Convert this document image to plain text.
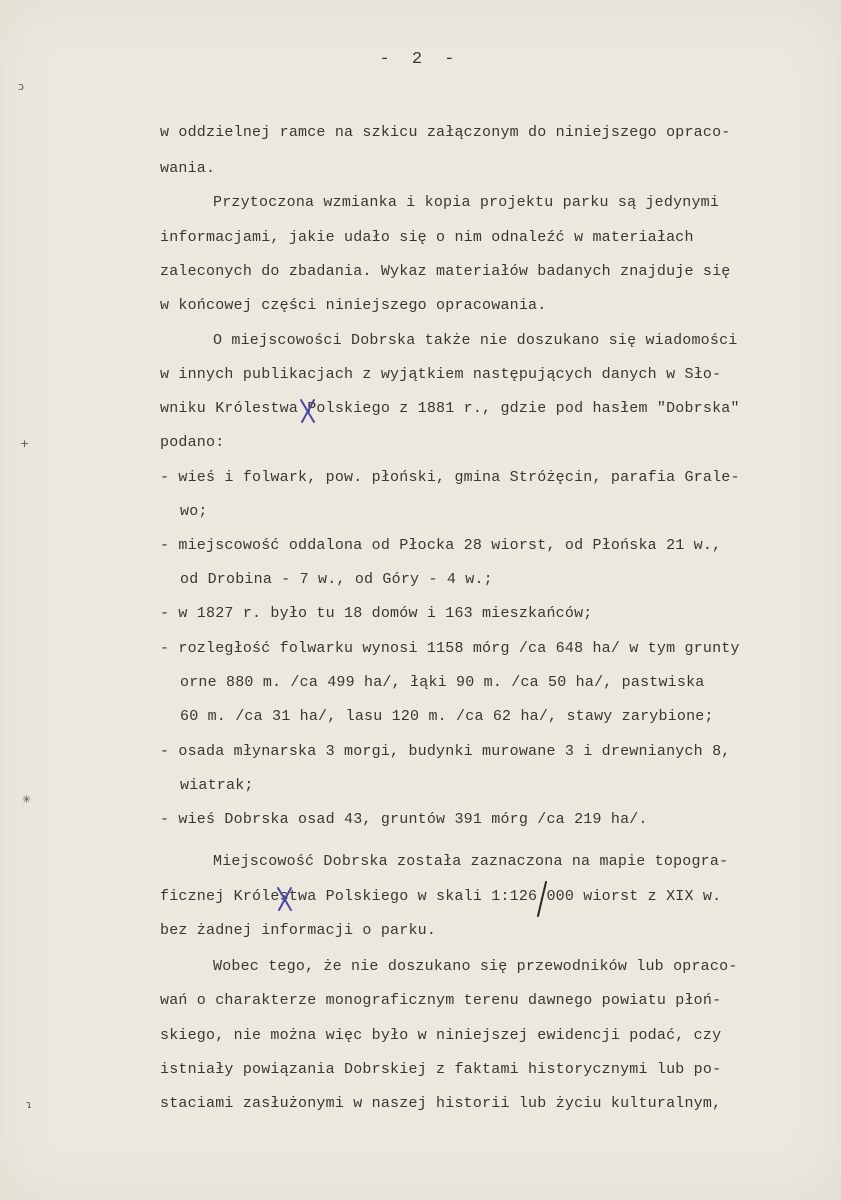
- 2 -
ↄ
+
✳
ɿ
w oddzielnej ramce na szkicu załączonym do niniejszego opraco-
wania.
Przytoczona wzmianka i kopia projektu parku są jedynymi
informacjami, jakie udało się o nim odnaleźć w materiałach
zaleconych do zbadania. Wykaz materiałów badanych znajduje się
w końcowej części niniejszego opracowania.
O miejscowości Dobrska także nie doszukano się wiadomości
w innych publikacjach z wyjątkiem następujących danych w Sło-
wniku Królestwa Polskiego z 1881 r., gdzie pod hasłem "Dobrska"
podano:
- wieś i folwark, pow. płoński, gmina Stróżęcin, parafia Grale-
wo;
- miejscowość oddalona od Płocka 28 wiorst, od Płońska 21 w.,
od Drobina - 7 w., od Góry - 4 w.;
- w 1827 r. było tu 18 domów i 163 mieszkańców;
- rozległość folwarku wynosi 1158 mórg /ca 648 ha/ w tym grunty
orne 880 m. /ca 499 ha/, łąki 90 m. /ca 50 ha/, pastwiska
60 m. /ca 31 ha/, lasu 120 m. /ca 62 ha/, stawy zarybione;
- osada młynarska 3 morgi, budynki murowane 3 i drewnianych 8,
wiatrak;
- wieś Dobrska osad 43, gruntów 391 mórg /ca 219 ha/.
Miejscowość Dobrska została zaznaczona na mapie topogra-
ficznej Królestwa Polskiego w skali 1:126.000 wiorst z XIX w.
bez żadnej informacji o parku.
Wobec tego, że nie doszukano się przewodników lub opraco-
wań o charakterze monograficznym terenu dawnego powiatu płoń-
skiego, nie można więc było w niniejszej ewidencji podać, czy
istniały powiązania Dobrskiej z faktami historycznymi lub po-
staciami zasłużonymi w naszej historii lub życiu kulturalnym,
